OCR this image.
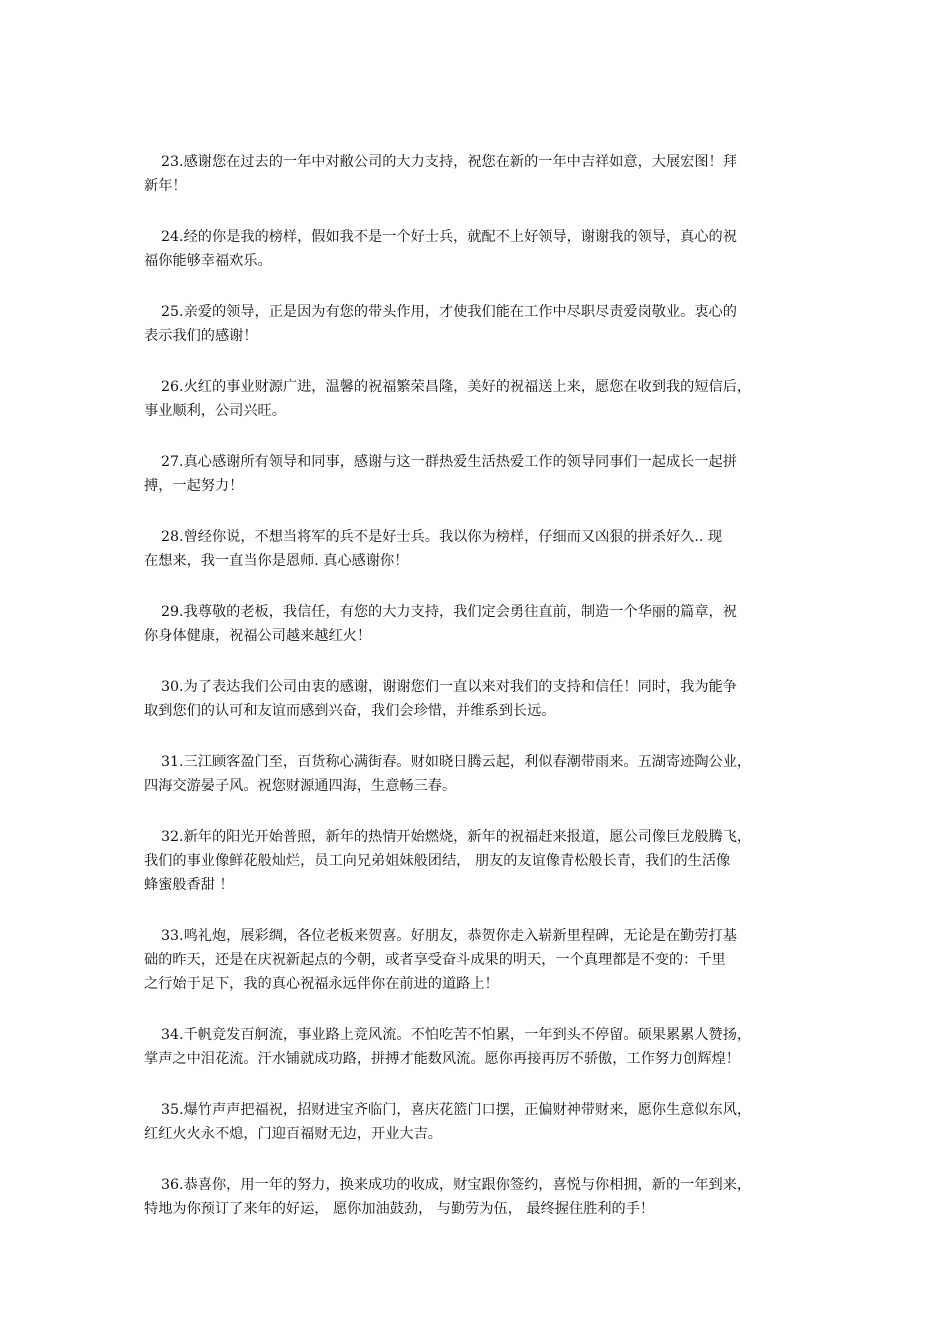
23.感谢您在过去的一年中对敝公司的大力支持，祝您在新的一年中吉祥如意，大展宏图！拜
新年！

24.经的你是我的榜样，假如我不是一个好士兵，就配不上好领导，谢谢我的领导，真心的祝
福你能够幸福欢乐。

25.亲爱的领导，正是因为有您的带头作用，才使我们能在工作中尽职尽责爱岗敬业。衷心的
表示我们的感谢！

26.火红的事业财源广进，温馨的祝福繁荣昌隆，美好的祝福送上来，愿您在收到我的短信后，
事业顺利，公司兴旺。

27.真心感谢所有领导和同事，感谢与这一群热爱生活热爱工作的领导同事们一起成长一起拼
搏，一起努力！

28.曾经你说，不想当将军的兵不是好士兵。我以你为榜样，仔细而又凶狠的拼杀好久.. 现
在想来，我一直当你是恩师. 真心感谢你！

29.我尊敬的老板，我信任，有您的大力支持，我们定会勇往直前，制造一个华丽的篇章，祝
你身体健康，祝福公司越来越红火！

30.为了表达我们公司由衷的感谢，谢谢您们一直以来对我们的支持和信任！同时，我为能争
取到您们的认可和友谊而感到兴奋，我们会珍惜，并维系到长远。

31.三江顾客盈门至，百货称心满街春。财如晓日腾云起，利似春潮带雨来。五湖寄迹陶公业，
四海交游晏子风。祝您财源通四海，生意畅三春。

32.新年的阳光开始普照，新年的热情开始燃烧，新年的祝福赶来报道，愿公司像巨龙般腾飞，
我们的事业像鲜花般灿烂，员工向兄弟姐妹般团结， 朋友的友谊像青松般长青，我们的生活像
蜂蜜般香甜 ！

33.鸣礼炮，展彩绸，各位老板来贺喜。好朋友，恭贺你走入崭新里程碑，无论是在勤劳打基
础的昨天，还是在庆祝新起点的今朝，或者享受奋斗成果的明天，一个真理都是不变的：千里
之行始于足下，我的真心祝福永远伴你在前进的道路上！

34.千帆竞发百舸流，事业路上竞风流。不怕吃苦不怕累，一年到头不停留。硕果累累人赞扬，
掌声之中泪花流。汗水铺就成功路，拼搏才能数风流。愿你再接再厉不骄傲，工作努力创辉煌！

35.爆竹声声把福祝，招财进宝齐临门，喜庆花篮门口摆，正偏财神带财来，愿你生意似东风，
红红火火永不熄，门迎百福财无边，开业大吉。

36.恭喜你，用一年的努力，换来成功的收成，财宝跟你签约，喜悦与你相拥，新的一年到来，
特地为你预订了来年的好运， 愿你加油鼓劲， 与勤劳为伍， 最终握住胜利的手！
